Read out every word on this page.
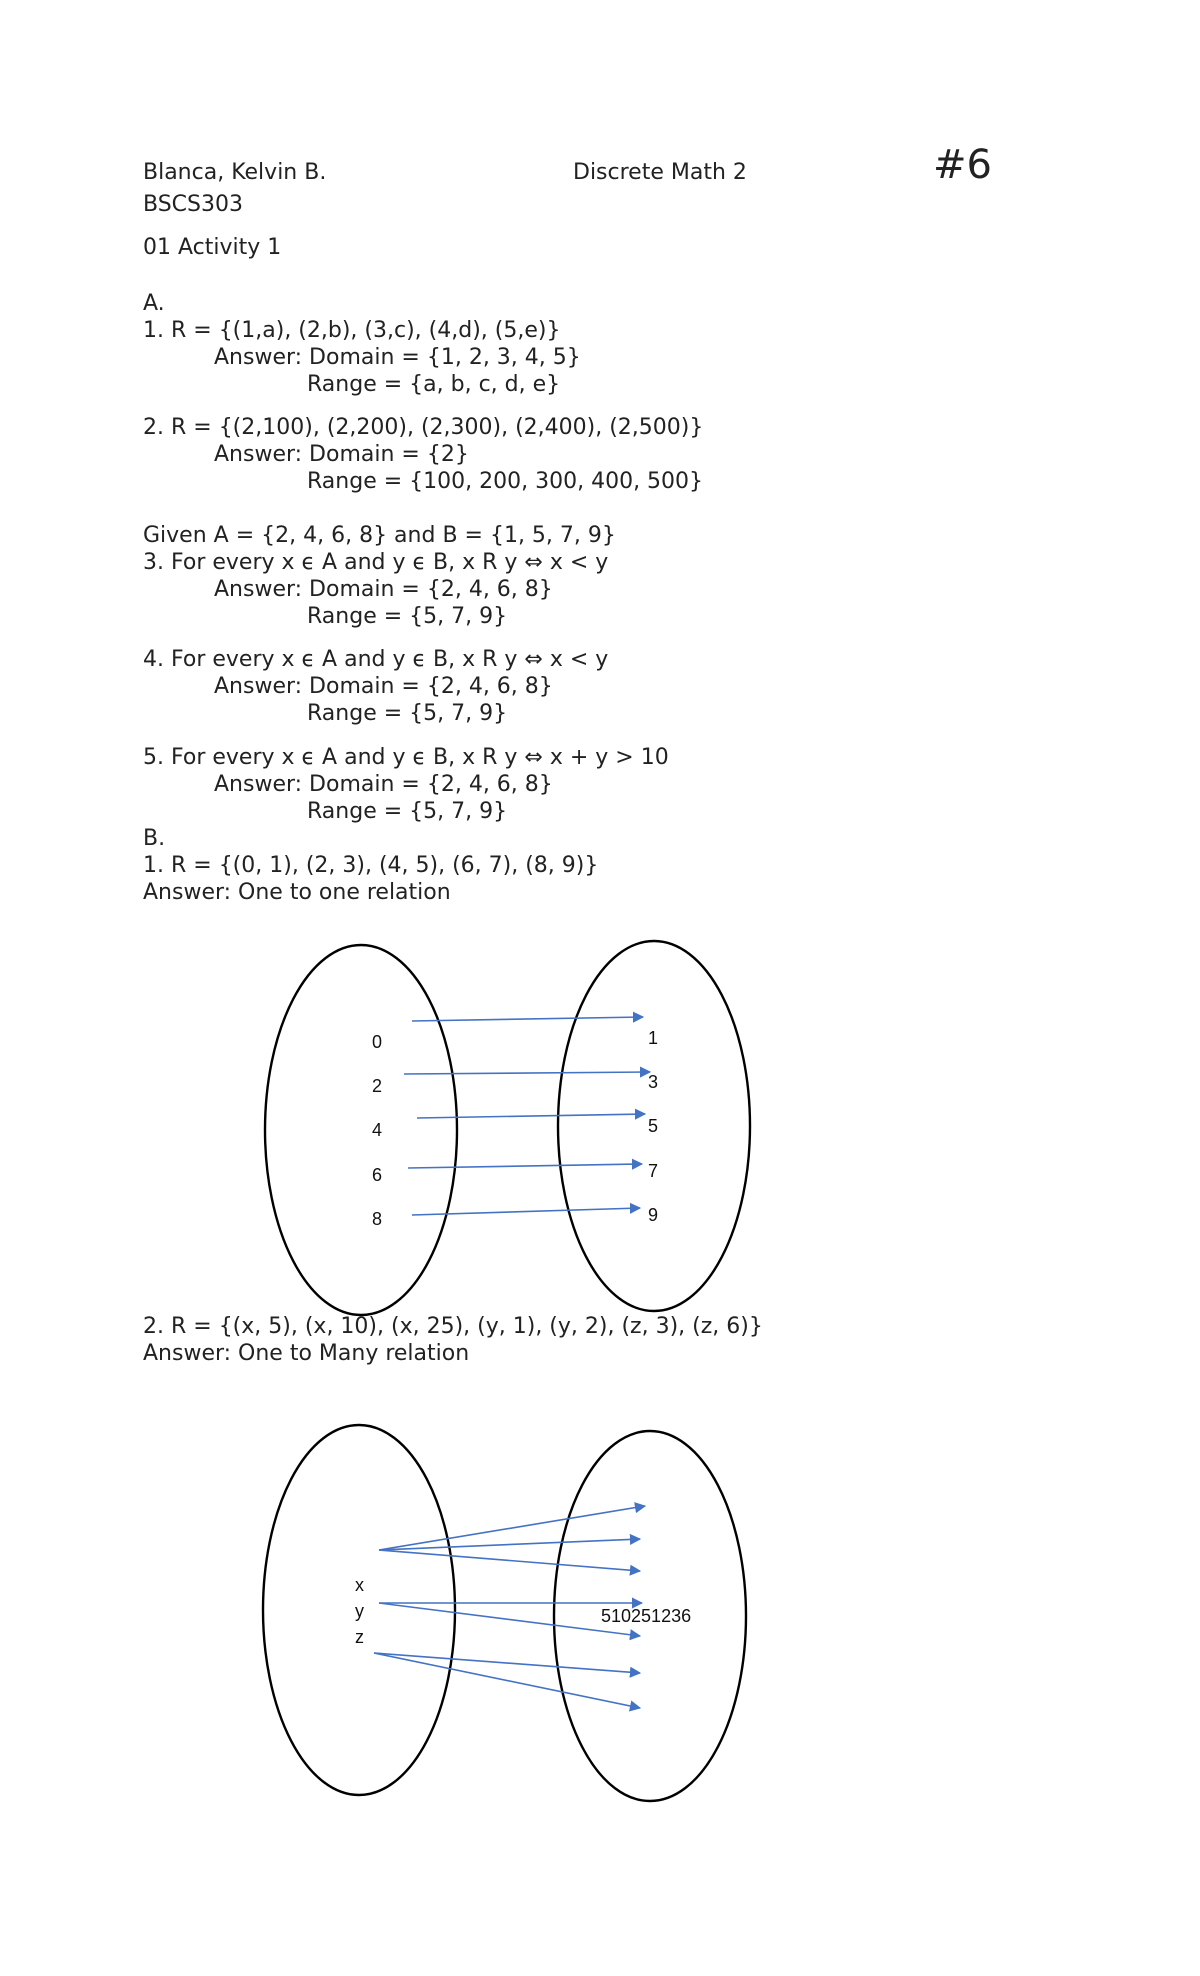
Blanca, Kelvin B.	Discrete Math 2	#6

BSCS303

01 Activity 1

A.

1. R = {(1,a), (2,b), (3,c), (4,d), (5,e)}

Answer: Domain = {1, 2, 3, 4, 5}

Range = {a, b, c, d, e}

2. R = {(2,100), (2,200), (2,300), (2,400), (2,500)}

Answer: Domain = {2}

Range = {100, 200, 300, 400, 500}

Given A = {2, 4, 6, 8} and B = {1, 5, 7, 9}

3. For every x ϵ A and y ϵ B, x R y ⇔ x < y

Answer: Domain = {2, 4, 6, 8}

Range = {5, 7, 9}

4. For every x ϵ A and y ϵ B, x R y ⇔ x < y

Answer: Domain = {2, 4, 6, 8}

Range = {5, 7, 9}

5. For every x ϵ A and y ϵ B, x R y ⇔ x + y > 10

Answer: Domain = {2, 4, 6, 8}

Range = {5, 7, 9}

B.

1. R = {(0, 1), (2, 3), (4, 5), (6, 7), (8, 9)}

Answer: One to one relation

0
2
4
6
8
1
3
5
7
9

2. R = {(x, 5), (x, 10), (x, 25), (y, 1), (y, 2), (z, 3), (z, 6)}

Answer: One to Many relation

x
y
z
510251236
